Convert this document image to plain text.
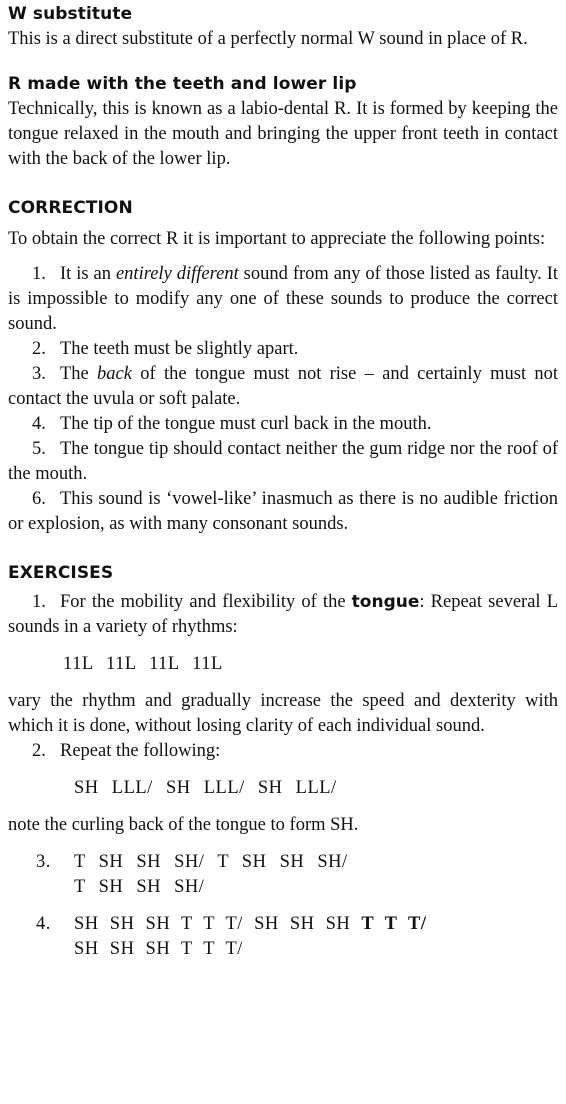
W substitute

This is a direct substitute of a perfectly normal W sound in place of R.

R made with the teeth and lower lip

Technically, this is known as a labio-dental R. It is formed by keeping the tongue relaxed in the mouth and bringing the upper front teeth in contact with the back of the lower lip.

CORRECTION

To obtain the correct R it is important to appreciate the following points:

1. It is an entirely different sound from any of those listed as faulty. It is impossible to modify any one of these sounds to produce the correct sound.

2. The teeth must be slightly apart.

3. The back of the tongue must not rise – and certainly must not contact the uvula or soft palate.

4. The tip of the tongue must curl back in the mouth.

5. The tongue tip should contact neither the gum ridge nor the roof of the mouth.

6. This sound is ‘vowel-like’ inasmuch as there is no audible friction or explosion, as with many consonant sounds.

EXERCISES

1. For the mobility and flexibility of the tongue: Repeat several L sounds in a variety of rhythms:

11L 11L 11L 11L

vary the rhythm and gradually increase the speed and dexterity with which it is done, without losing clarity of each individual sound.

2. Repeat the following:

SH LLL/ SH LLL/ SH LLL/

note the curling back of the tongue to form SH.

3. T SH SH SH/ T SH SH SH/

T SH SH SH/

4. SH SH SH T T T/ SH SH SH T T T/

SH SH SH T T T/
